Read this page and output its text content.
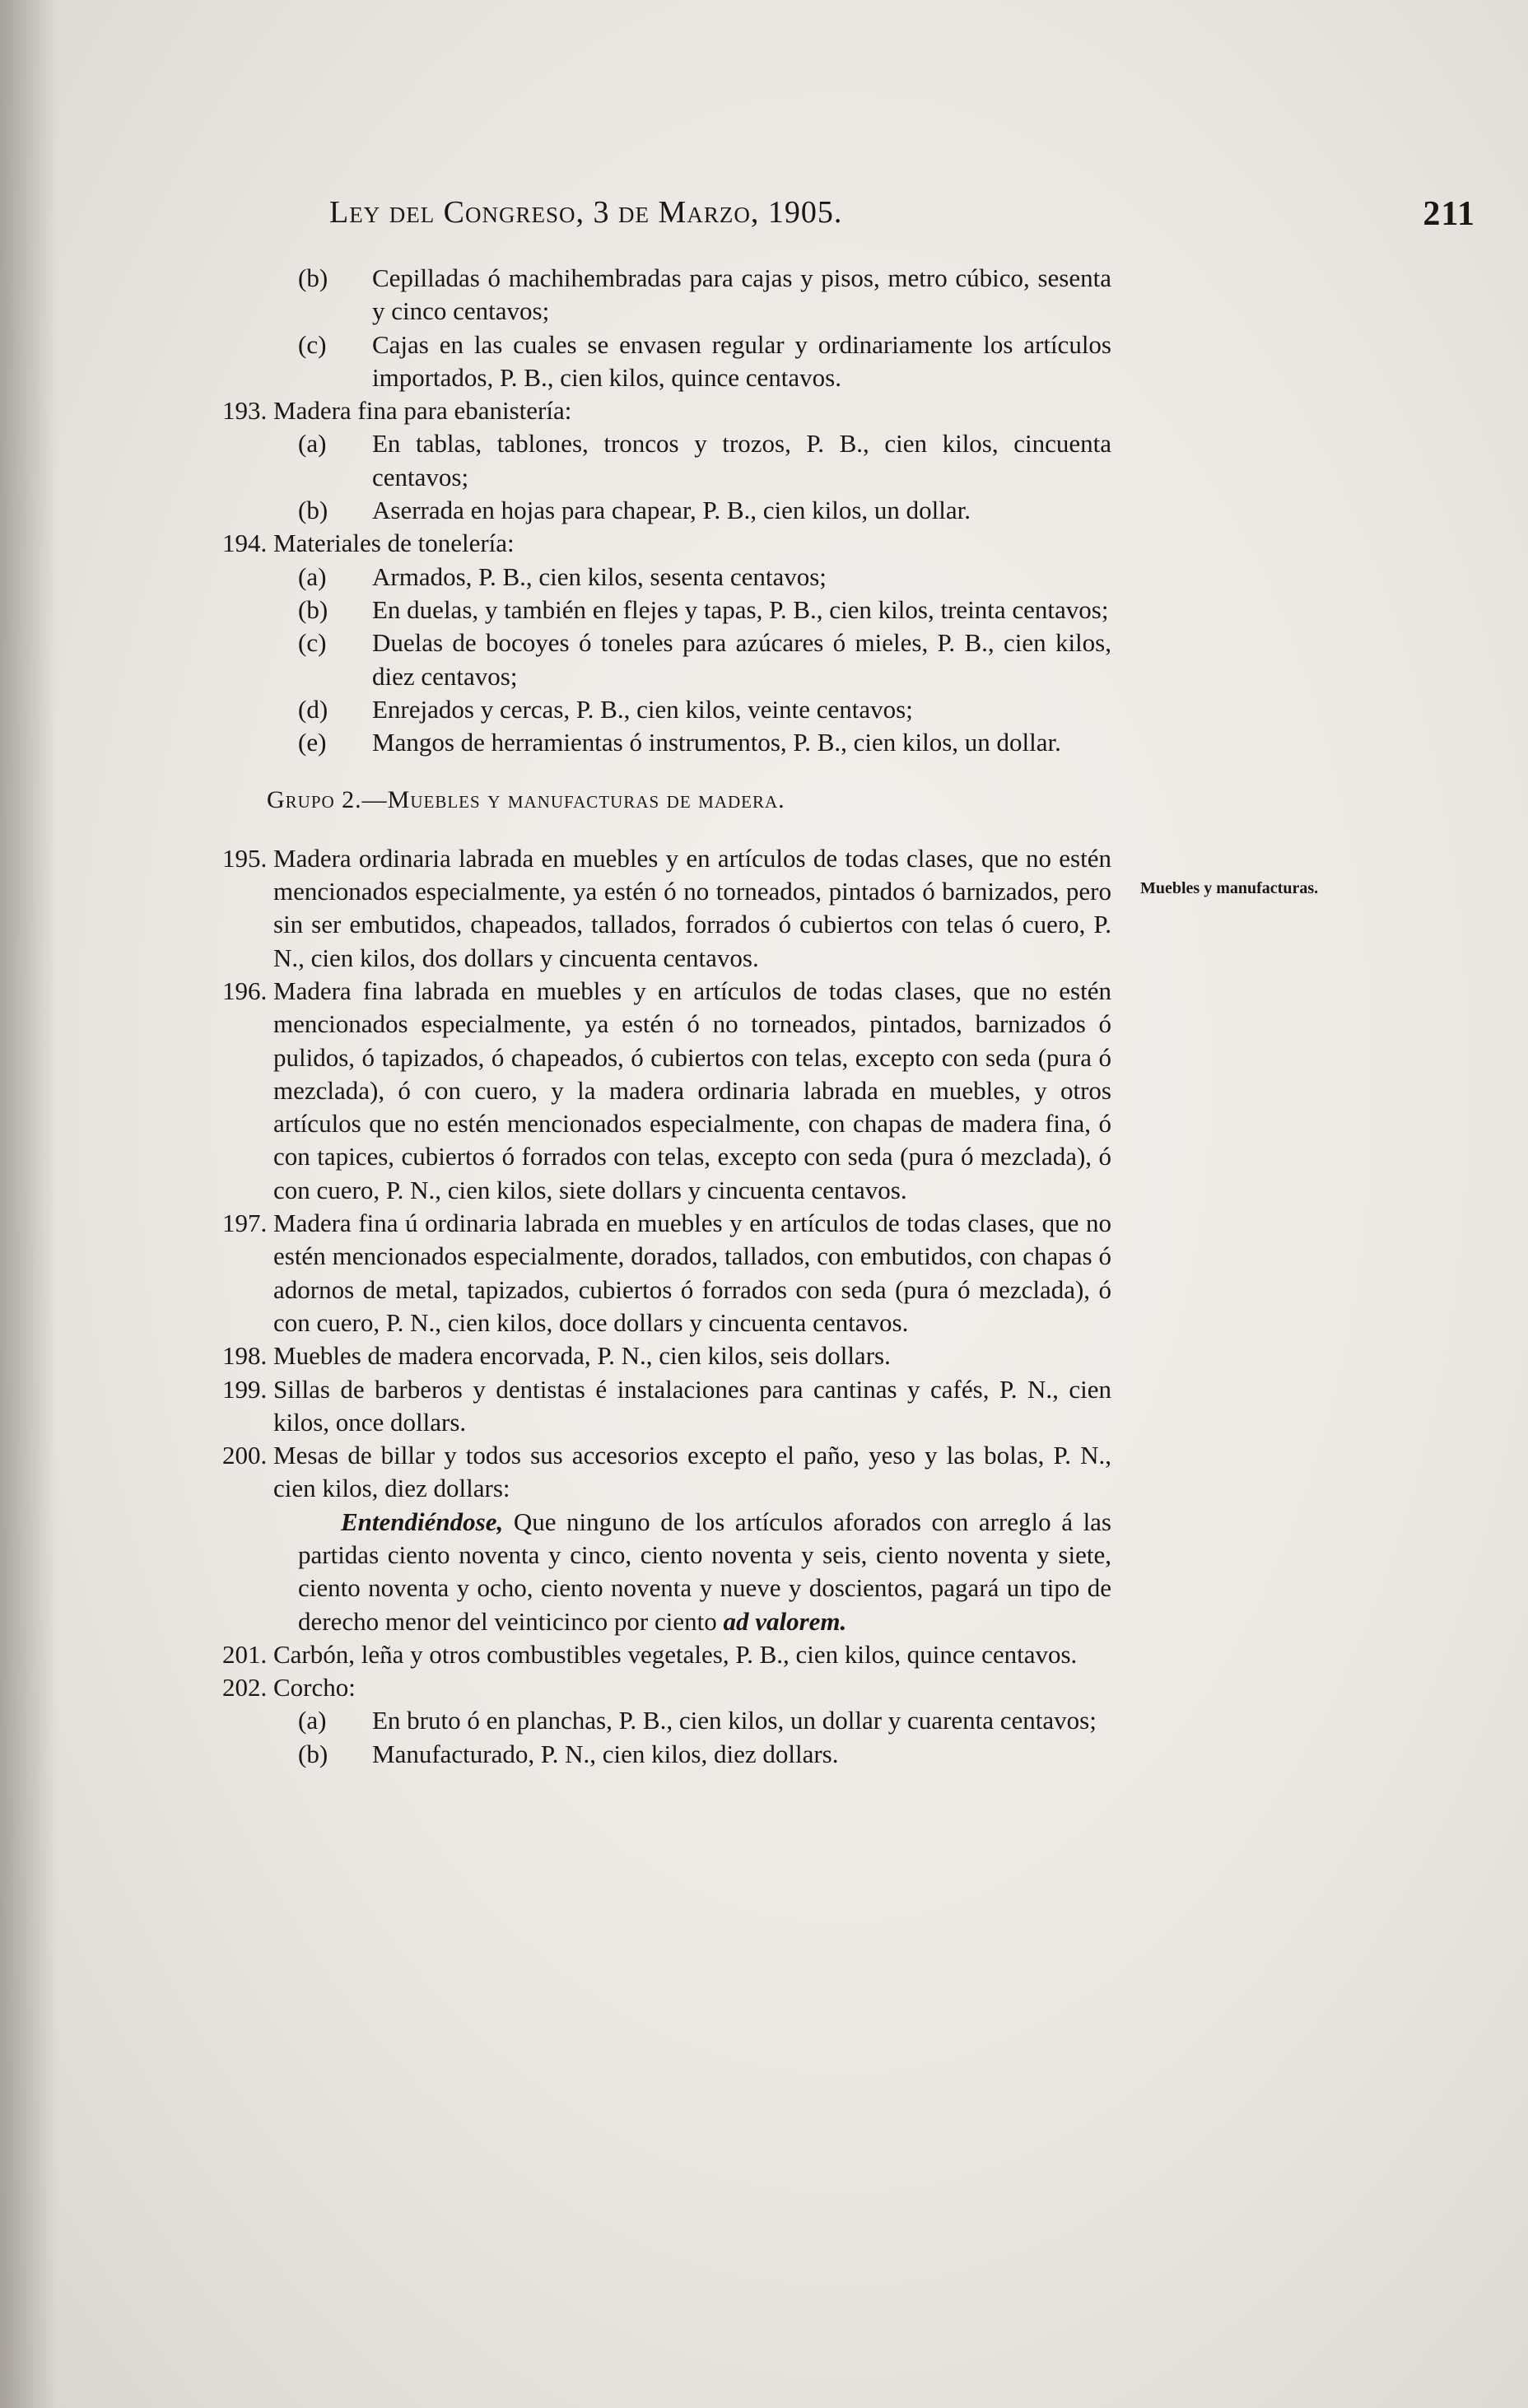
Ley del Congreso, 3 de Marzo, 1905.	211
Muebles y manufacturas.
(b) Cepilladas ó machihembradas para cajas y pisos, metro cúbico, sesenta y cinco centavos;
(c) Cajas en las cuales se envasen regular y ordinariamente los artículos importados, P. B., cien kilos, quince centavos.
193. Madera fina para ebanistería:
(a) En tablas, tablones, troncos y trozos, P. B., cien kilos, cincuenta centavos;
(b) Aserrada en hojas para chapear, P. B., cien kilos, un dollar.
194. Materiales de tonelería:
(a) Armados, P. B., cien kilos, sesenta centavos;
(b) En duelas, y también en flejes y tapas, P. B., cien kilos, treinta centavos;
(c) Duelas de bocoyes ó toneles para azúcares ó mieles, P. B., cien kilos, diez centavos;
(d) Enrejados y cercas, P. B., cien kilos, veinte centavos;
(e) Mangos de herramientas ó instrumentos, P. B., cien kilos, un dollar.
Grupo 2.—Muebles y manufacturas de madera.
195. Madera ordinaria labrada en muebles y en artículos de todas clases, que no estén mencionados especialmente, ya estén ó no torneados, pintados ó barnizados, pero sin ser embutidos, chapeados, tallados, forrados ó cubiertos con telas ó cuero, P. N., cien kilos, dos dollars y cincuenta centavos.
196. Madera fina labrada en muebles y en artículos de todas clases, que no estén mencionados especialmente, ya estén ó no torneados, pintados, barnizados ó pulidos, ó tapizados, ó chapeados, ó cubiertos con telas, excepto con seda (pura ó mezclada), ó con cuero, y la madera ordinaria labrada en muebles, y otros artículos que no estén mencionados especialmente, con chapas de madera fina, ó con tapices, cubiertos ó forrados con telas, excepto con seda (pura ó mezclada), ó con cuero, P. N., cien kilos, siete dollars y cincuenta centavos.
197. Madera fina ú ordinaria labrada en muebles y en artículos de todas clases, que no estén mencionados especialmente, dorados, tallados, con embutidos, con chapas ó adornos de metal, tapizados, cubiertos ó forrados con seda (pura ó mezclada), ó con cuero, P. N., cien kilos, doce dollars y cincuenta centavos.
198. Muebles de madera encorvada, P. N., cien kilos, seis dollars.
199. Sillas de barberos y dentistas é instalaciones para cantinas y cafés, P. N., cien kilos, once dollars.
200. Mesas de billar y todos sus accesorios excepto el paño, yeso y las bolas, P. N., cien kilos, diez dollars:
Entendiéndose, Que ninguno de los artículos aforados con arreglo á las partidas ciento noventa y cinco, ciento noventa y seis, ciento noventa y siete, ciento noventa y ocho, ciento noventa y nueve y doscientos, pagará un tipo de derecho menor del veinticinco por ciento ad valorem.
201. Carbón, leña y otros combustibles vegetales, P. B., cien kilos, quince centavos.
202. Corcho:
(a) En bruto ó en planchas, P. B., cien kilos, un dollar y cuarenta centavos;
(b) Manufacturado, P. N., cien kilos, diez dollars.
